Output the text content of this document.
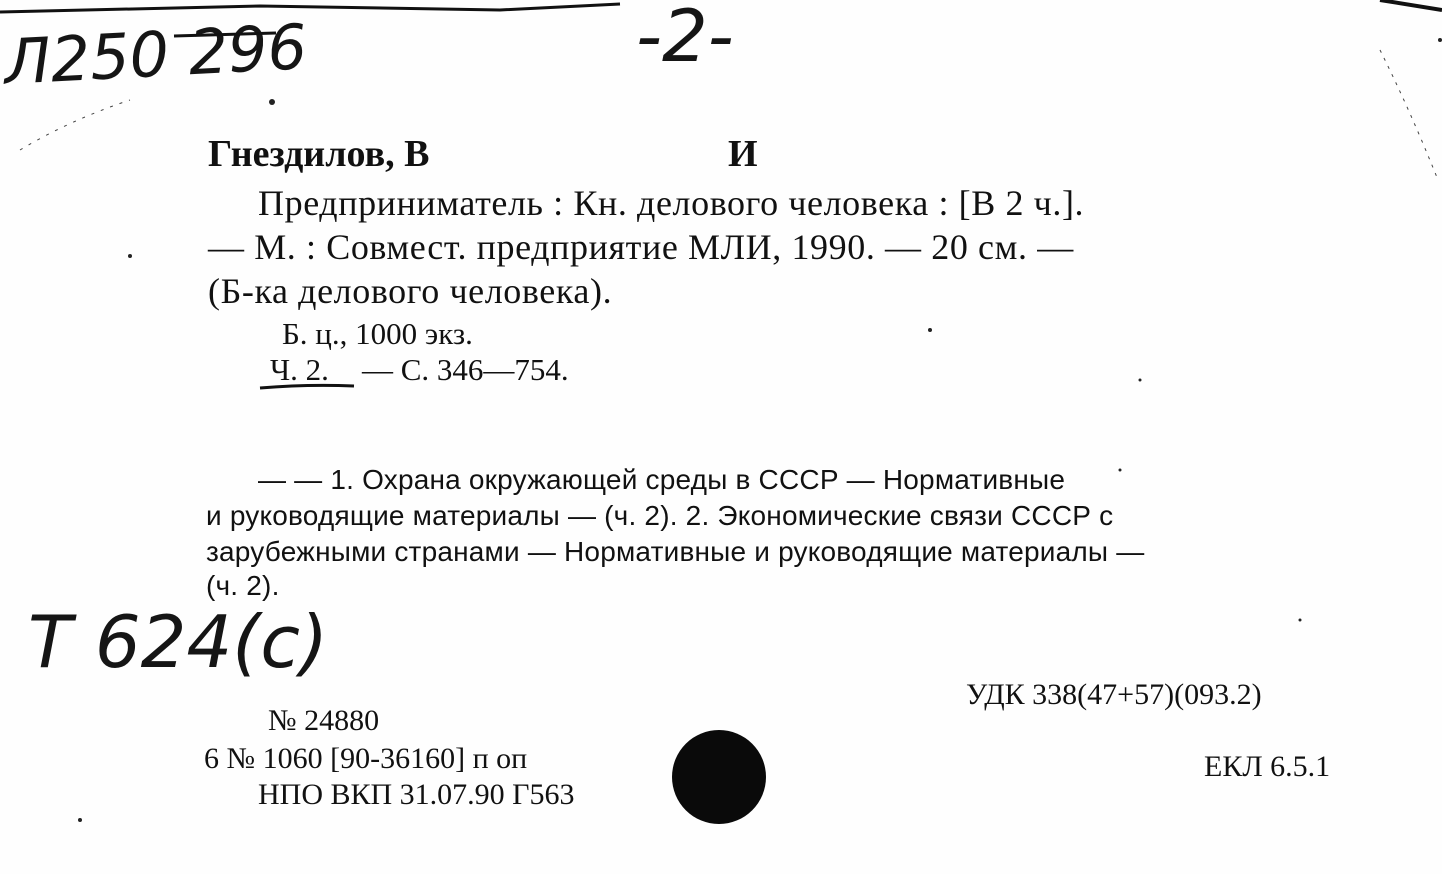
Л250 296	-2-
T 624(c)
Гнездилов, В	И
Предприниматель : Кн. делового человека : [В 2 ч.].
— М. : Совмест. предприятие МЛИ, 1990. — 20 см. —
(Б-ка делового человека).
Б. ц., 1000 экз.
Ч. 2. — С. 346—754.
— — 1. Охрана окружающей среды в СССР — Нормативные
и руководящие материалы — (ч. 2). 2. Экономические связи СССР с
зарубежными странами — Нормативные и руководящие материалы —
(ч. 2).
№ 24880
6 № 1060 [90-36160] п оп
НПО ВКП 31.07.90 Г563
УДК 338(47+57)(093.2)
ЕКЛ 6.5.1
